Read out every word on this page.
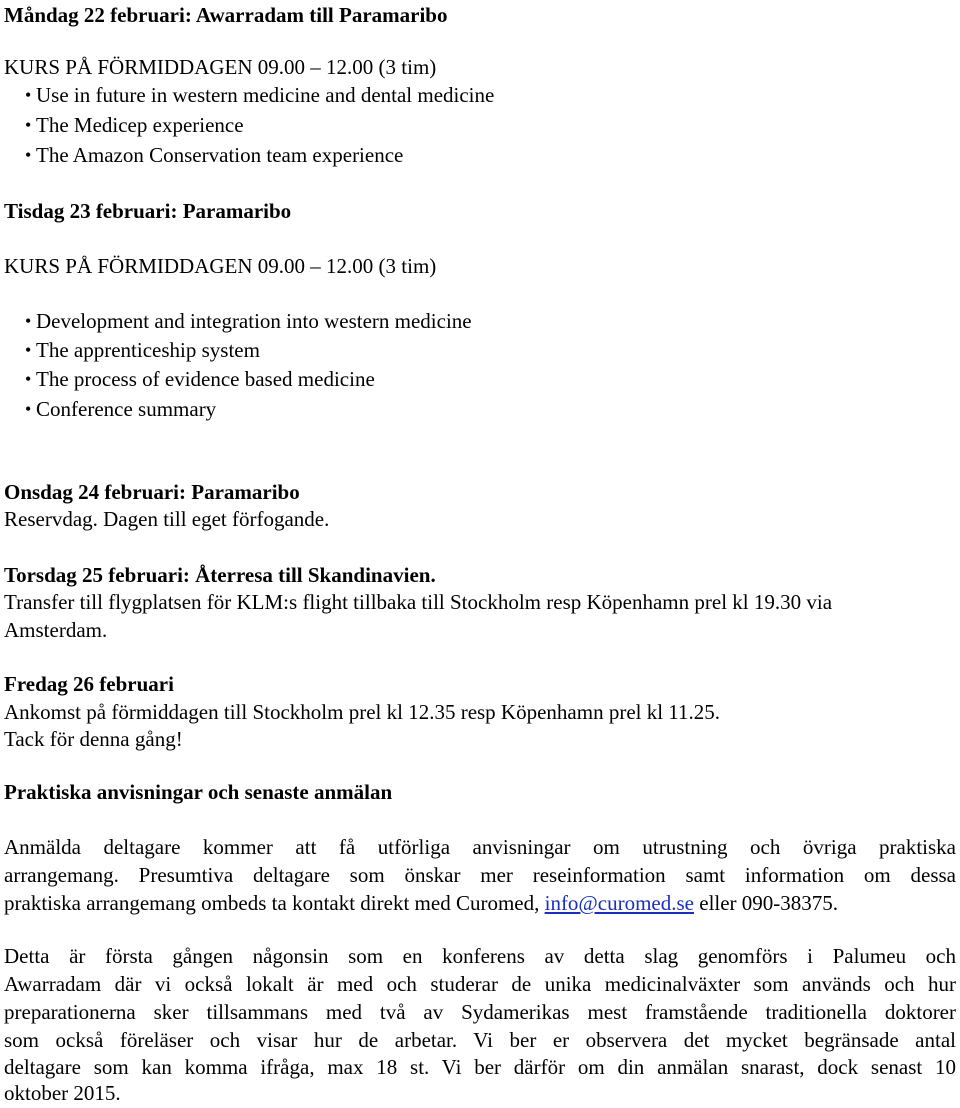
Måndag 22 februari: Awarradam till Paramaribo
KURS PÅ FÖRMIDDAGEN 09.00 – 12.00 (3 tim)
• Use in future in western medicine and dental medicine
• The Medicep experience
• The Amazon Conservation team experience
Tisdag 23 februari: Paramaribo
KURS PÅ FÖRMIDDAGEN 09.00 – 12.00 (3 tim)
• Development and integration into western medicine
• The apprenticeship system
• The process of evidence based medicine
• Conference summary
Onsdag 24 februari: Paramaribo
Reservdag. Dagen till eget förfogande.
Torsdag 25 februari: Återresa till Skandinavien.
Transfer till flygplatsen för KLM:s flight tillbaka till Stockholm resp Köpenhamn prel kl 19.30 via
Amsterdam.
Fredag 26 februari
Ankomst på förmiddagen till Stockholm prel kl 12.35 resp Köpenhamn prel kl 11.25.
Tack för denna gång!
Praktiska anvisningar och senaste anmälan
Anmälda deltagare kommer att få utförliga anvisningar om utrustning och övriga praktiska
arrangemang. Presumtiva deltagare som önskar mer reseinformation samt information om dessa
praktiska arrangemang ombeds ta kontakt direkt med Curomed, info@curomed.se eller 090-38375.
Detta är första gången någonsin som en konferens av detta slag genomförs i Palumeu och
Awarradam där vi också lokalt är med och studerar de unika medicinalväxter som används och hur
preparationerna sker tillsammans med två av Sydamerikas mest framstående traditionella doktorer
som också föreläser och visar hur de arbetar. Vi ber er observera det mycket begränsade antal
deltagare som kan komma ifråga, max 18 st. Vi ber därför om din anmälan snarast, dock senast 10
oktober 2015.
